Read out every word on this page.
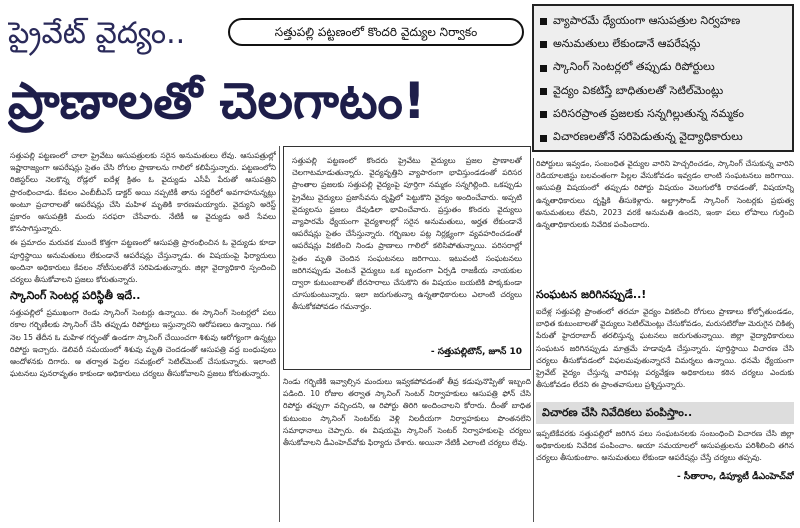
ప్రైవేట్ వైద్యం..	సత్తుపల్లి పట్టణంలో కొందరి వైద్యుల నిర్వాకం
ప్రాణాలతో చెలగాటం!
వ్యాపారమే ధ్యేయంగా ఆసుపత్రుల నిర్వహణ
అనుమతులు లేకుండానే ఆపరేషన్లు
స్కానింగ్ సెంటర్లలో తప్పుడు రిపోర్టులు
వైద్యం వికటిస్తే బాధితులతో సెటిల్‌మెంట్లు
పరిసరప్రాంత ప్రజలకు సన్నగిల్లుతున్న నమ్మకం
విచారణలతోనే సరిపెడుతున్న వైద్యాధికారులు

సత్తుపల్లి పట్టణంలో చాలా ప్రైవేటు ఆసుపత్రులకు సరైన అనుమతులు లేవు. ఆసుపత్రుల్లో ఇష్టారాజ్యంగా ఆపరేషన్లు సైతం చేసి రోగుల ప్రాణాలను గాలిలో కలిపేస్తున్నారు. పట్టణంలోని రిజిస్టర్‌లు నెలకొన్న రోడ్లలో ఐదేళ్ల క్రితం ఓ వైద్యుడు ఎసీపీ పేరుతో ఆసుపత్రిని ప్రారంభించాడు. కేవలం ఎంబీబీఎస్ డాక్టర్ అయి నప్పటికీ తాను సర్జరీలో అవగాహనున్నట్లు అంటూ ప్రచారాలతో ఆపరేషన్లు చేసి మహిళ మృతికి కారణమయ్యారు. వైద్యుని అరెస్ట్ ప్రకారం ఆసుపత్రికి మందు సరఫరా చేసేవారు. నేటికీ ఆ వైద్యుడు అదే సేవలు కొనసాగిస్తున్నారు.

ఈ ప్రమాదం మరువక ముందే కొత్తగా పట్టణంలో ఆసుపత్రి ప్రారంభించిన ఓ వైద్యుడు కూడా పూర్తిస్థాయి అనుమతులు లేకుండానే ఆపరేషన్లు చేస్తున్నాడు. ఈ విషయంపై ఫిర్యాదులు అందినా అధికారులు కేవలం నోటీసులతోనే సరిపెడుతున్నారు. జిల్లా వైద్యాధికారి స్పందించి చర్యలు తీసుకోవాలని ప్రజలు కోరుతున్నారు.

స్కానింగ్ సెంటర్ల పరిస్థితీ ఇదే..

సత్తుపల్లిలో ప్రముఖంగా రెండు స్కానింగ్ సెంటర్లు ఉన్నాయి. ఈ స్కానింగ్ సెంటర్లలో పలు రకాల గర్భిణీలకు స్కానింగ్ చేసి తప్పుడు రిపోర్టులు ఇస్తున్నారని ఆరోపణలు ఉన్నాయి. గత నెల 15 తేదీన ఓ మహిళ గర్భంతో ఉండగా స్కానింగ్ చేయించగా శిశువు ఆరోగ్యంగా ఉన్నట్లు రిపోర్టు ఇచ్చారు. డెలివరీ సమయంలో శిశువు మృతి చెందడంతో ఆసుపత్రి వద్ద బంధువులు ఆందోళనకు దిగారు. ఆ తర్వాత పెద్దల సమక్షంలో సెటిల్‌మెంట్ చేసుకున్నారు. ఇలాంటి ఘటనలు పునరావృతం కాకుండా అధికారులు చర్యలు తీసుకోవాలని ప్రజలు కోరుతున్నారు.

సత్తుపల్లి పట్టణంలో కొందరు ప్రైవేటు వైద్యులు ప్రజల ప్రాణాలతో చెలగాటమాడుతున్నారు. వైద్యవృత్తిని వ్యాపారంగా భావిస్తుండడంతో పరిసర ప్రాంతాల ప్రజలకు సత్తుపల్లి వైద్యంపై పూర్తిగా నమ్మకం సన్నగిల్లింది. ఒకప్పుడు ప్రైవేటు వైద్యులు ప్రజాసేవను దృష్టిలో పెట్టుకొని వైద్యం అందించేవారు. అప్పటి వైద్యులను ప్రజలు దేవుడిలా భావించేవారు. ప్రస్తుతం కొందరు వైద్యులు వ్యాపారమే ధ్యేయంగా వైద్యశాలల్లో సరైన అనుమతులు, అర్హత లేకుండానే ఆపరేషన్లు సైతం చేసేస్తున్నారు. గర్భిణుల పట్ల నిర్లక్ష్యంగా వ్యవహరించడంతో ఆపరేషన్లు వికటించి నిండు ప్రాణాలు గాలిలో కలిసిపోతున్నాయి. పరిసరాల్లో సైతం మృతి చెందిన సంఘటనలు జరిగాయి. ఇటువంటి సంఘటనలు జరిగినప్పుడు వెంటనే వైద్యులు ఒక బృందంగా ఏర్పడి రాజకీయ నాయకుల ద్వారా కుటుంబాలతో బేరసారాలు చేసుకొని ఈ విషయం బయటికి పొక్కకుండా చూసుకుంటున్నారు. ఇలా జరుగుతున్నా ఉన్నతాధికారులు ఎలాంటి చర్యలు తీసుకోకపోవడం గమనార్హం.
- సత్తుపల్లిటౌన్, జూన్ 10
నిండు గర్భిణికి ఇవ్వాల్సిన మందులు ఇవ్వకపోవడంతో తీవ్ర కడుపునొప్పితో ఇబ్బంది పడింది. 10 రోజుల తర్వాత స్కానింగ్ సెంటర్ నిర్వాహకులు ఆసుపత్రి ఫోన్ చేసి రిపోర్టు తప్పుగా వచ్చిందని, ఆ రిపోర్టు తిరిగి అందించాలని కోరారు. దీంతో బాధిత కుటుంబం స్కానింగ్ సెంటర్‌కు వెళ్లి నిలదీయగా నిర్వాహకులు పొంతనలేని సమాధానాలు చెప్పారు. ఈ విషయమై స్కానింగ్ సెంటర్ నిర్వాహకులపై చర్యలు తీసుకోవాలని డీఎంహెచ్‌వోకు ఫిర్యాదు చేశారు. అయినా నేటికీ ఎలాంటి చర్యలు లేవు.
రిపోర్టులు ఇవ్వడం, సంబంధిత వైద్యుల వారిని హెచ్చరించడం, స్కానింగ్ చేసుకున్న వారిని రెడియాలజిస్టు బలవంతంగా పిల్లల వేసుకోవడం ఇవ్వడం లాంటి సంఘటనలు జరిగాయి. ఆసుపత్రి విషయంలో తప్పుడు రిపోర్టు విషయం వెలుగులోకి రావడంతో, విషయాన్ని ఉన్నతాధికారులు దృష్టికి తీసుకెళ్లారు. అల్ట్రాసౌండ్ స్కానింగ్ సెంటర్లకు ప్రభుత్వ అనుమతులు లేవని, 2023 వరకే అనుమతి ఉందని, ఇంకా పలు లోపాలు గుర్తించి ఉన్నతాధికారులకు నివేదిక పంపిందారు.
సంఘటన జరిగినప్పుడే..!
ఐదేళ్ల సత్తుపల్లి ప్రాంతంలో తరచూ వైద్యం వికటించి రోగులు ప్రాణాలు కోల్పోతుండడం, బాధిత కుటుంబాలతో వైద్యులు సెటిల్‌మెంట్లు చేసుకోవడం, మరుసటిరోజు మెరుగైన చికిత్స పేరుతో హైదరాబాద్ తరలిస్తున్న ఘటనలు జరుగుతున్నాయి. జిల్లా వైద్యాధికారులు సంఘటన జరిగినప్పుడు మాత్రమే హడావుడి చేస్తున్నారు. పూర్తిస్థాయి విచారణ చేసి చర్యలు తీసుకోవడంలో విఫలమవుతున్నారనే విమర్శలు ఉన్నాయి. ధనమే ధ్యేయంగా ప్రైవేట్ వైద్యం చేస్తున్న వారిపట్ల పర్యవేక్షణ అధికారులు కఠిన చర్యలు ఎందుకు తీసుకోవడం లేదని ఈ ప్రాంతవాసులు ప్రశ్నిస్తున్నారు.
విచారణ చేసి నివేదికలు పంపిస్తాం..

ఇప్పటికేవరకు సత్తుపల్లిలో జరిగిన పలు సంఘటనలకు సంబంధించి విచారణ చేసి జిల్లా అధికారులకు నివేదిక పంపించాం. ఆయా సమయాలలో ఆసుపత్రులను పరిశీలించి తగిన చర్యలు తీసుకుంటాం. అనుమతులు లేకుండా ఆపరేషన్లు చేస్తే చర్యలు తప్పవు.

- సీతారాం, డిప్యూటీ డీఎంహెచ్‌వో
